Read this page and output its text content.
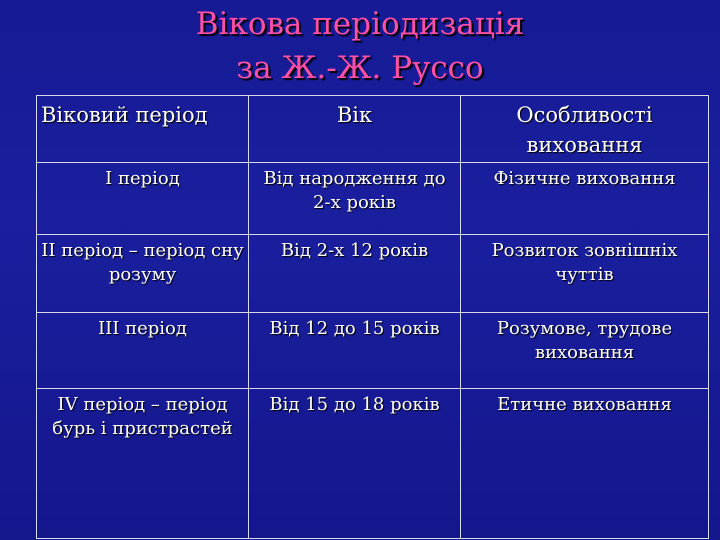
Вікова періодизація
за Ж.-Ж. Руссо
Віковий період	Вік	Особливості виховання
І період	Від народження до 2-х років	Фізичне виховання
ІІ період – період сну розуму	Від 2-х 12 років	Розвиток зовнішніх чуттів
ІІІ період	Від 12 до 15 років	Розумове, трудове виховання
ІV період – період бурь і пристрастей	Від 15 до 18 років	Етичне виховання
